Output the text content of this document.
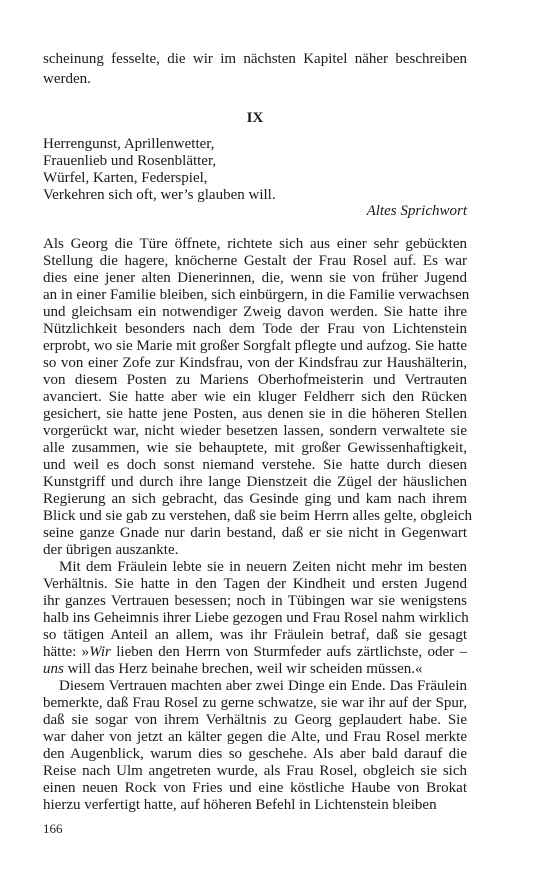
scheinung fesselte, die wir im nächsten Kapitel näher beschreiben
werden.
IX
Herrengunst, Aprillenwetter,
Frauenlieb und Rosenblätter,
Würfel, Karten, Federspiel,
Verkehren sich oft, wer’s glauben will.
Altes Sprichwort
Als Georg die Türe öffnete, richtete sich aus einer sehr gebückten
Stellung die hagere, knöcherne Gestalt der Frau Rosel auf. Es war
dies eine jener alten Dienerinnen, die, wenn sie von früher Jugend
an in einer Familie bleiben, sich einbürgern, in die Familie verwachsen
und gleichsam ein notwendiger Zweig davon werden. Sie hatte ihre
Nützlichkeit besonders nach dem Tode der Frau von Lichtenstein
erprobt, wo sie Marie mit großer Sorgfalt pflegte und aufzog. Sie hatte
so von einer Zofe zur Kindsfrau, von der Kindsfrau zur Haushälterin,
von diesem Posten zu Mariens Oberhofmeisterin und Vertrauten
avanciert. Sie hatte aber wie ein kluger Feldherr sich den Rücken
gesichert, sie hatte jene Posten, aus denen sie in die höheren Stellen
vorgerückt war, nicht wieder besetzen lassen, sondern verwaltete sie
alle zusammen, wie sie behauptete, mit großer Gewissenhaftigkeit,
und weil es doch sonst niemand verstehe. Sie hatte durch diesen
Kunstgriff und durch ihre lange Dienstzeit die Zügel der häuslichen
Regierung an sich gebracht, das Gesinde ging und kam nach ihrem
Blick und sie gab zu verstehen, daß sie beim Herrn alles gelte, obgleich
seine ganze Gnade nur darin bestand, daß er sie nicht in Gegenwart
der übrigen auszankte.
Mit dem Fräulein lebte sie in neuern Zeiten nicht mehr im besten
Verhältnis. Sie hatte in den Tagen der Kindheit und ersten Jugend
ihr ganzes Vertrauen besessen; noch in Tübingen war sie wenigstens
halb ins Geheimnis ihrer Liebe gezogen und Frau Rosel nahm wirklich
so tätigen Anteil an allem, was ihr Fräulein betraf, daß sie gesagt
hätte: »Wir lieben den Herrn von Sturmfeder aufs zärtlichste, oder –
uns will das Herz beinahe brechen, weil wir scheiden müssen.«
Diesem Vertrauen machten aber zwei Dinge ein Ende. Das Fräulein
bemerkte, daß Frau Rosel zu gerne schwatze, sie war ihr auf der Spur,
daß sie sogar von ihrem Verhältnis zu Georg geplaudert habe. Sie
war daher von jetzt an kälter gegen die Alte, und Frau Rosel merkte
den Augenblick, warum dies so geschehe. Als aber bald darauf die
Reise nach Ulm angetreten wurde, als Frau Rosel, obgleich sie sich
einen neuen Rock von Fries und eine köstliche Haube von Brokat
hierzu verfertigt hatte, auf höheren Befehl in Lichtenstein bleiben
166
